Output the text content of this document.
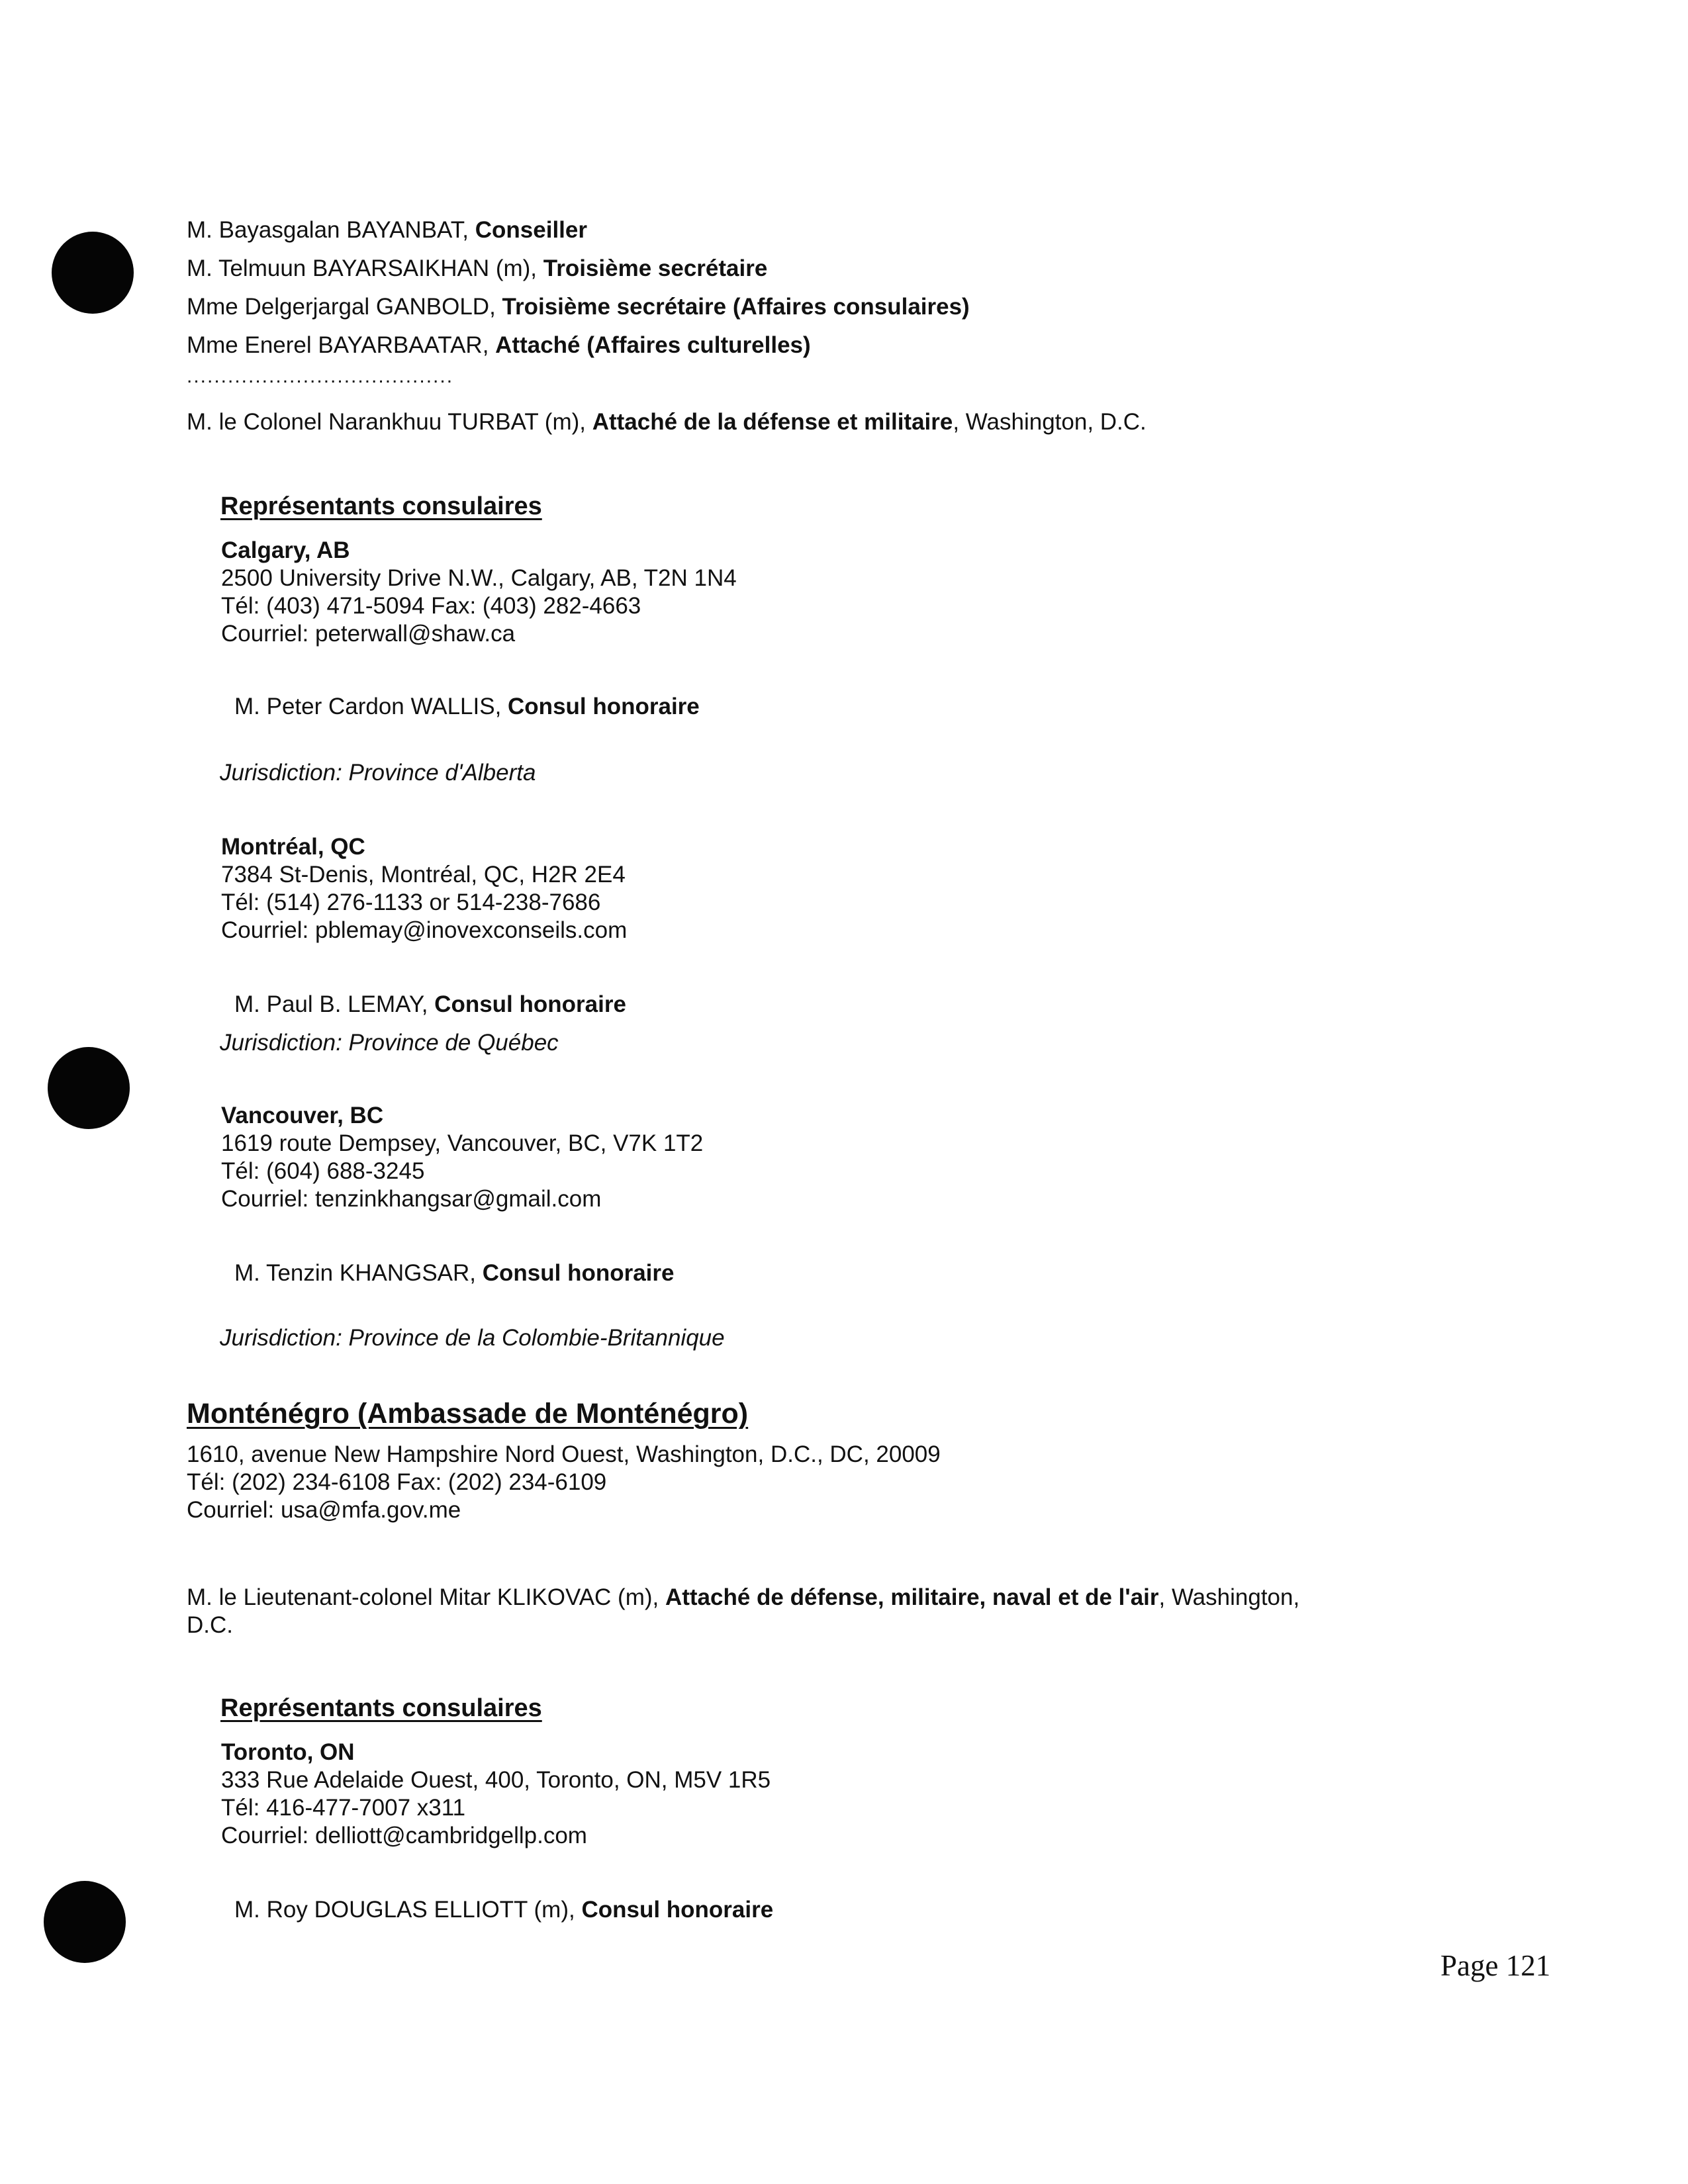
M. Bayasgalan BAYANBAT, Conseiller
M. Telmuun BAYARSAIKHAN (m), Troisième secrétaire
Mme Delgerjargal GANBOLD, Troisième secrétaire (Affaires consulaires)
Mme Enerel BAYARBAATAR, Attaché (Affaires culturelles)
.......................................
M. le Colonel Narankhuu TURBAT (m), Attaché de la défense et militaire, Washington, D.C.
Représentants consulaires
Calgary, AB
2500 University Drive N.W., Calgary, AB, T2N 1N4
Tél: (403) 471-5094 Fax: (403) 282-4663
Courriel: peterwall@shaw.ca
M. Peter Cardon WALLIS, Consul honoraire
Jurisdiction: Province d'Alberta
Montréal, QC
7384 St-Denis, Montréal, QC, H2R 2E4
Tél: (514) 276-1133 or 514-238-7686
Courriel: pblemay@inovexconseils.com
M. Paul B. LEMAY, Consul honoraire
Jurisdiction: Province de Québec
Vancouver, BC
1619 route Dempsey, Vancouver, BC, V7K 1T2
Tél: (604) 688-3245
Courriel: tenzinkhangsar@gmail.com
M. Tenzin KHANGSAR, Consul honoraire
Jurisdiction: Province de la Colombie-Britannique
Monténégro (Ambassade de Monténégro)
1610, avenue New Hampshire Nord Ouest, Washington, D.C., DC, 20009
Tél: (202) 234-6108 Fax: (202) 234-6109
Courriel: usa@mfa.gov.me
M. le Lieutenant-colonel Mitar KLIKOVAC (m), Attaché de défense, militaire, naval et de l'air, Washington,
D.C.
Représentants consulaires
Toronto, ON
333 Rue Adelaide Ouest, 400, Toronto, ON, M5V 1R5
Tél: 416-477-7007 x311
Courriel: delliott@cambridgellp.com
M. Roy DOUGLAS ELLIOTT (m), Consul honoraire
Page 121
